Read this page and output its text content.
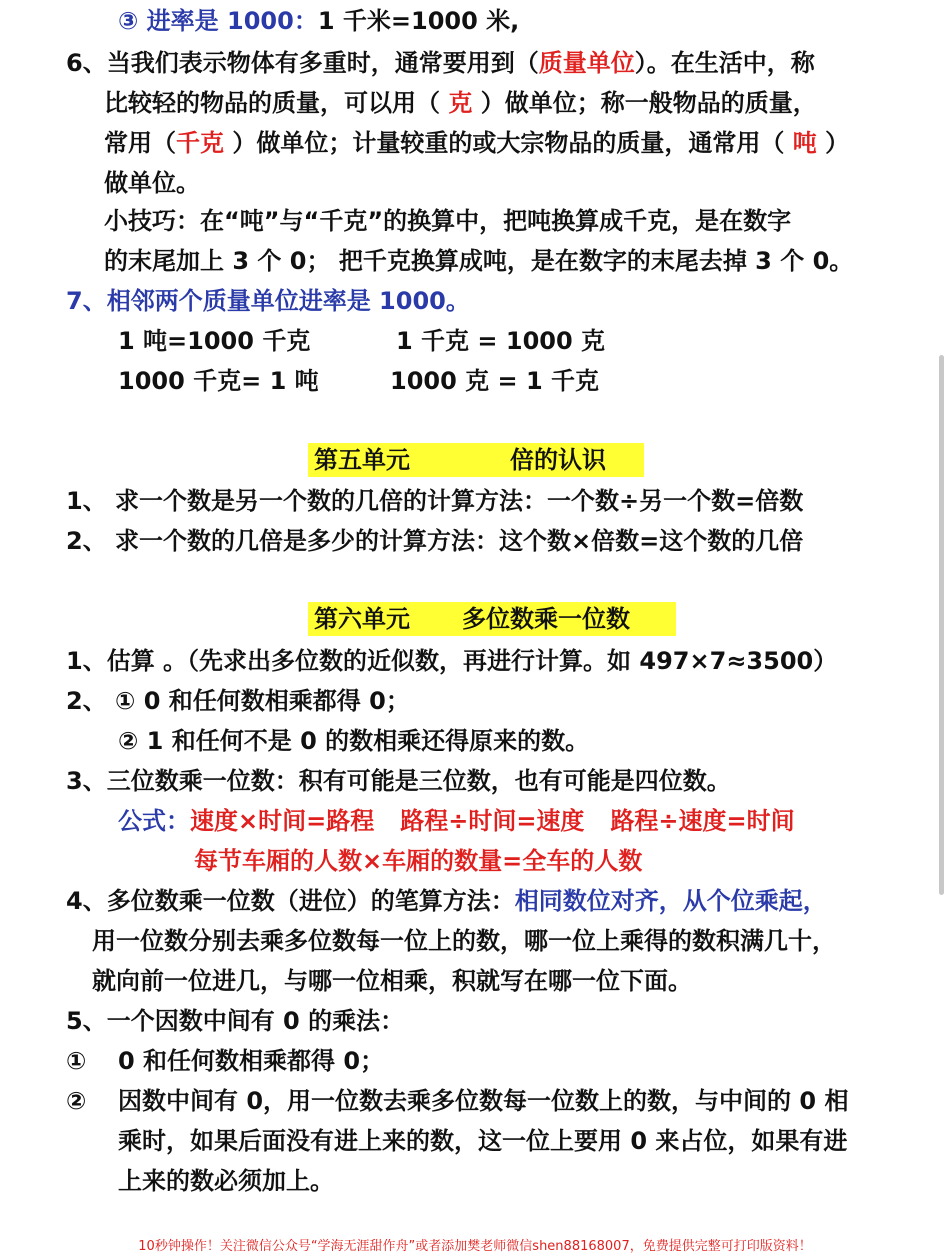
③ 进率是 1000：1 千米=1000 米,
6、当我们表示物体有多重时，通常要用到（质量单位）。在生活中，称
比较轻的物品的质量，可以用（ 克 ）做单位；称一般物品的质量，
常用（千克 ）做单位；计量较重的或大宗物品的质量，通常用（ 吨 ）
做单位。
小技巧：在“吨”与“千克”的换算中，把吨换算成千克，是在数字
的末尾加上 3 个 0； 把千克换算成吨，是在数字的末尾去掉 3 个 0。
7、相邻两个质量单位进率是 1000。
1 吨=1000 千克	1 千克 = 1000 克
1000 千克= 1 吨	1000 克 = 1 千克
第五单元	倍的认识
1、 求一个数是另一个数的几倍的计算方法：一个数÷另一个数=倍数
2、 求一个数的几倍是多少的计算方法：这个数×倍数=这个数的几倍
第六单元 多位数乘一位数
1、估算 。（先求出多位数的近似数，再进行计算。如 497×7≈3500）
2、 ① 0 和任何数相乘都得 0；
② 1 和任何不是 0 的数相乘还得原来的数。
3、三位数乘一位数：积有可能是三位数，也有可能是四位数。
公式：速度×时间=路程 路程÷时间=速度 路程÷速度=时间
每节车厢的人数×车厢的数量=全车的人数
4、多位数乘一位数（进位）的笔算方法：相同数位对齐，从个位乘起，
用一位数分别去乘多位数每一位上的数，哪一位上乘得的数积满几十，
就向前一位进几，与哪一位相乘，积就写在哪一位下面。
5、一个因数中间有 0 的乘法：
① 0 和任何数相乘都得 0；
② 因数中间有 0，用一位数去乘多位数每一位数上的数，与中间的 0 相
乘时，如果后面没有进上来的数，这一位上要用 0 来占位，如果有进
上来的数必须加上。
10秒钟操作！关注微信公众号“学海无涯甜作舟”或者添加樊老师微信shen88168007，免费提供完整可打印版资料！
